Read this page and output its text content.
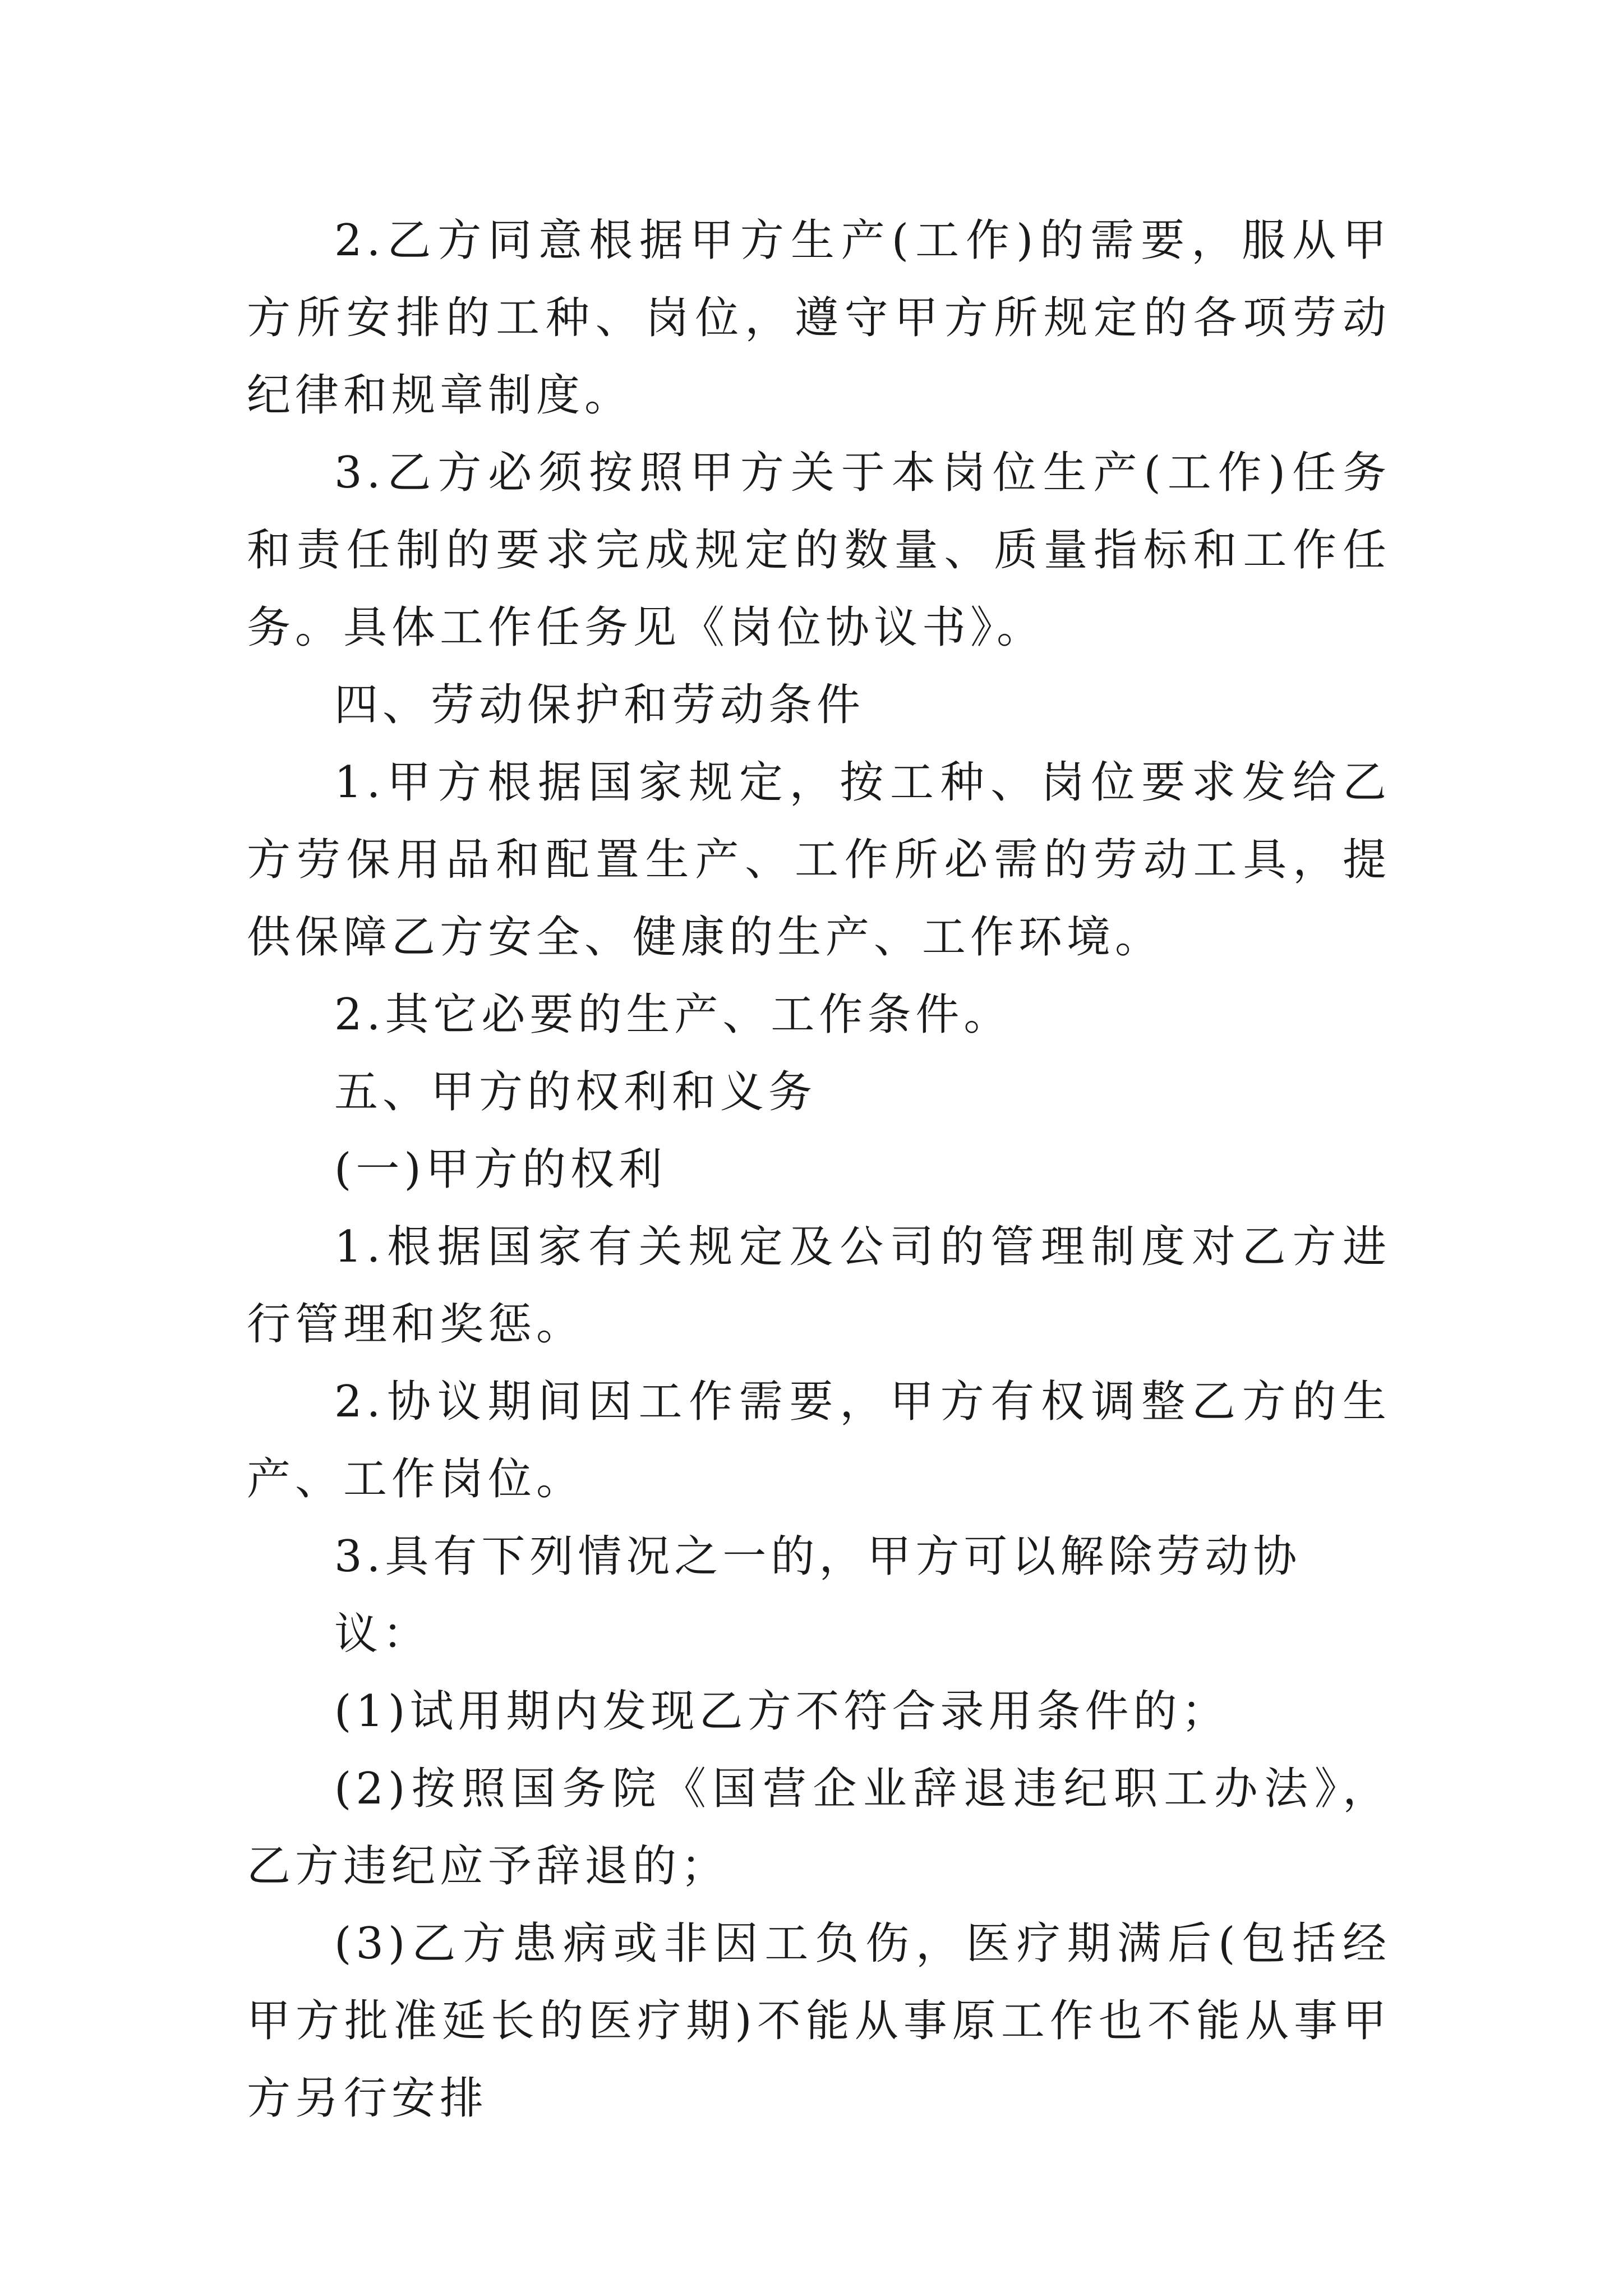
2.乙方同意根据甲方生产(工作)的需要，服从甲方所安排的工种、岗位，遵守甲方所规定的各项劳动纪律和规章制度。

3.乙方必须按照甲方关于本岗位生产(工作)任务和责任制的要求完成规定的数量、质量指标和工作任务。具体工作任务见《岗位协议书》。

四、劳动保护和劳动条件

1.甲方根据国家规定，按工种、岗位要求发给乙方劳保用品和配置生产、工作所必需的劳动工具，提供保障乙方安全、健康的生产、工作环境。

2.其它必要的生产、工作条件。

五、甲方的权利和义务

(一)甲方的权利

1.根据国家有关规定及公司的管理制度对乙方进行管理和奖惩。

2.协议期间因工作需要，甲方有权调整乙方的生产、工作岗位。

3.具有下列情况之一的，甲方可以解除劳动协

议：

(1)试用期内发现乙方不符合录用条件的；

(2)按照国务院《国营企业辞退违纪职工办法》，乙方违纪应予辞退的；

(3)乙方患病或非因工负伤，医疗期满后(包括经甲方批准延长的医疗期)不能从事原工作也不能从事甲方另行安排
